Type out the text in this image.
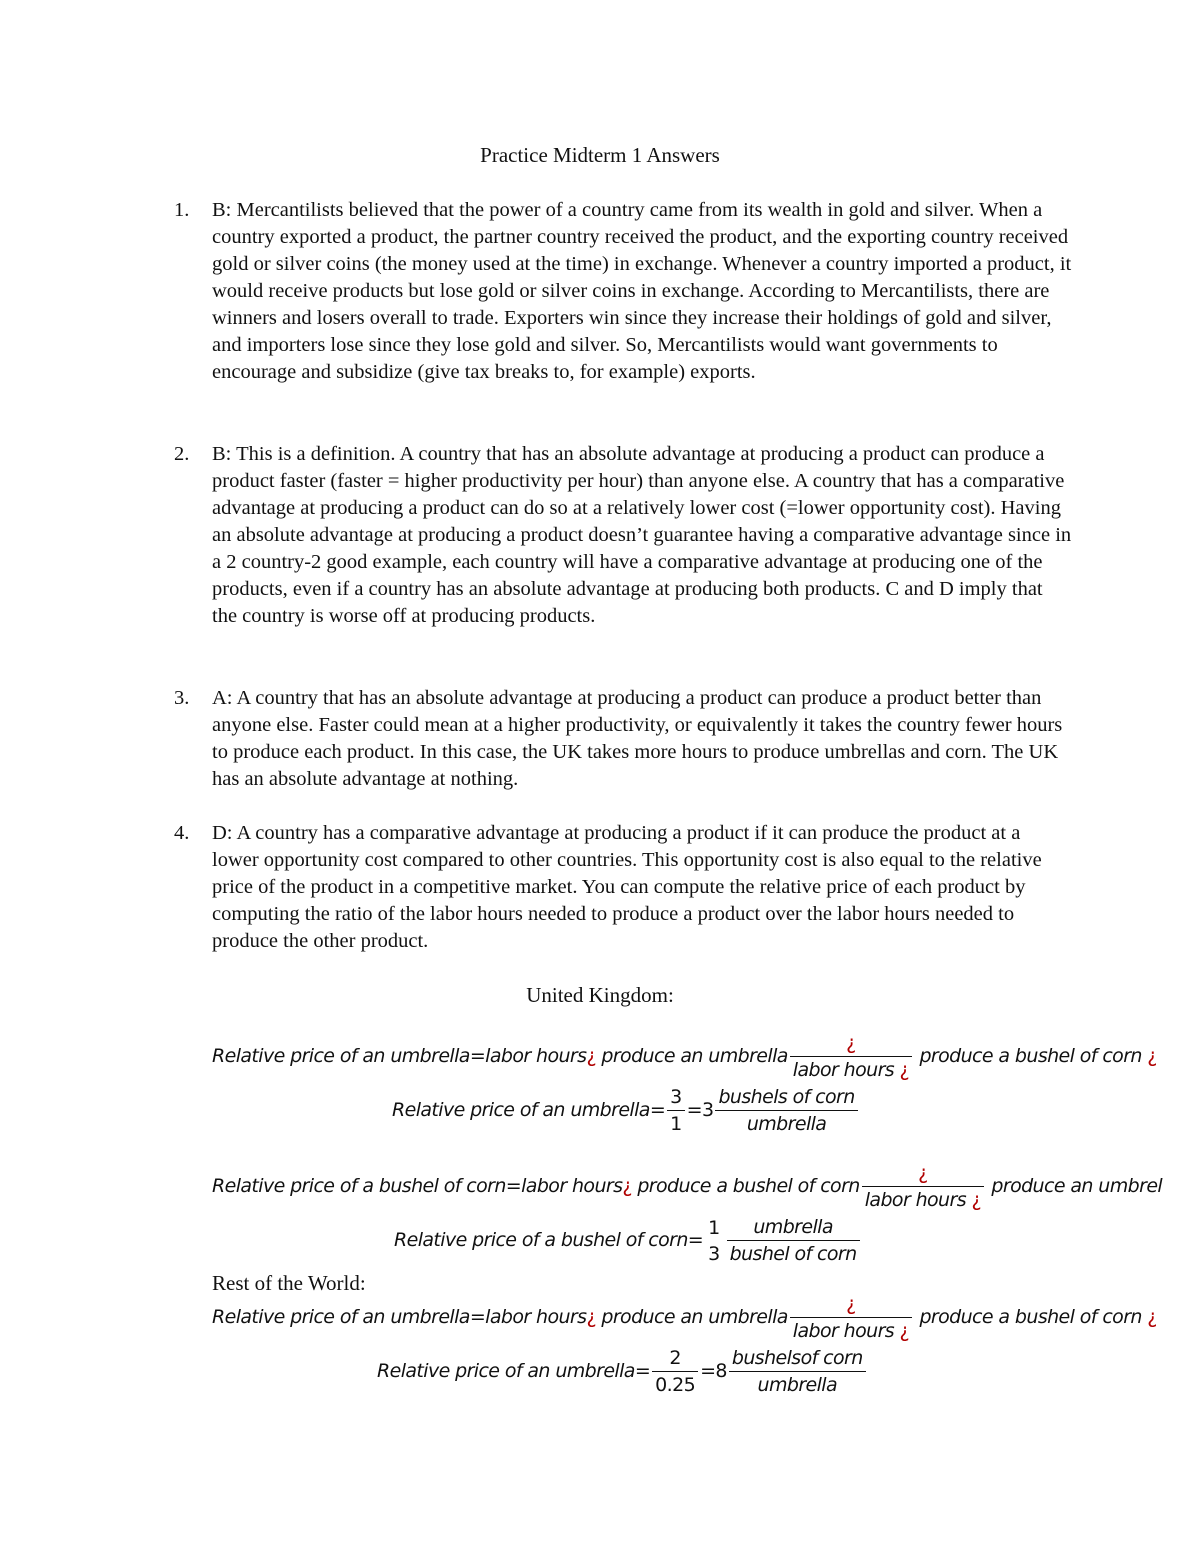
Practice Midterm 1 Answers
1. B: Mercantilists believed that the power of a country came from its wealth in gold and silver. When a country exported a product, the partner country received the product, and the exporting country received gold or silver coins (the money used at the time) in exchange. Whenever a country imported a product, it would receive products but lose gold or silver coins in exchange. According to Mercantilists, there are winners and losers overall to trade. Exporters win since they increase their holdings of gold and silver, and importers lose since they lose gold and silver. So, Mercantilists would want governments to encourage and subsidize (give tax breaks to, for example) exports.
2. B: This is a definition. A country that has an absolute advantage at producing a product can produce a product faster (faster = higher productivity per hour) than anyone else. A country that has a comparative advantage at producing a product can do so at a relatively lower cost (=lower opportunity cost). Having an absolute advantage at producing a product doesn’t guarantee having a comparative advantage since in a 2 country-2 good example, each country will have a comparative advantage at producing one of the products, even if a country has an absolute advantage at producing both products. C and D imply that the country is worse off at producing products.
3. A: A country that has an absolute advantage at producing a product can produce a product better than anyone else. Faster could mean at a higher productivity, or equivalently it takes the country fewer hours to produce each product. In this case, the UK takes more hours to produce umbrellas and corn. The UK has an absolute advantage at nothing.
4. D: A country has a comparative advantage at producing a product if it can produce the product at a lower opportunity cost compared to other countries. This opportunity cost is also equal to the relative price of the product in a competitive market. You can compute the relative price of each product by computing the ratio of the labor hours needed to produce a product over the labor hours needed to produce the other product.
United Kingdom:
Relative price of an umbrella=labor hours¿ produce an umbrella $\frac{¿}{\text{labor hours ¿}}$ produce a bushel of corn ¿
Relative price of an umbrella= $\frac{3}{1} =3 \frac{\text{bushels of corn}}{\text{umbrella}}$
Relative price of a bushel of corn=labor hours¿ produce a bushel of corn $\frac{¿}{\text{labor hours ¿}}$ produce an umbrel
Relative price of a bushel of corn=
1
$3 \frac{\text{umbrella}}{\text{bushel of corn}}$
Rest of the World:
Relative price of an umbrella=labor hours¿ produce an umbrella $\frac{¿}{\text{labor hours ¿}}$ produce a bushel of corn ¿
Relative price of an umbrella= $\frac{2}{0.25} =8 \frac{\text{bushelsof corn}}{\text{umbrella}}$
